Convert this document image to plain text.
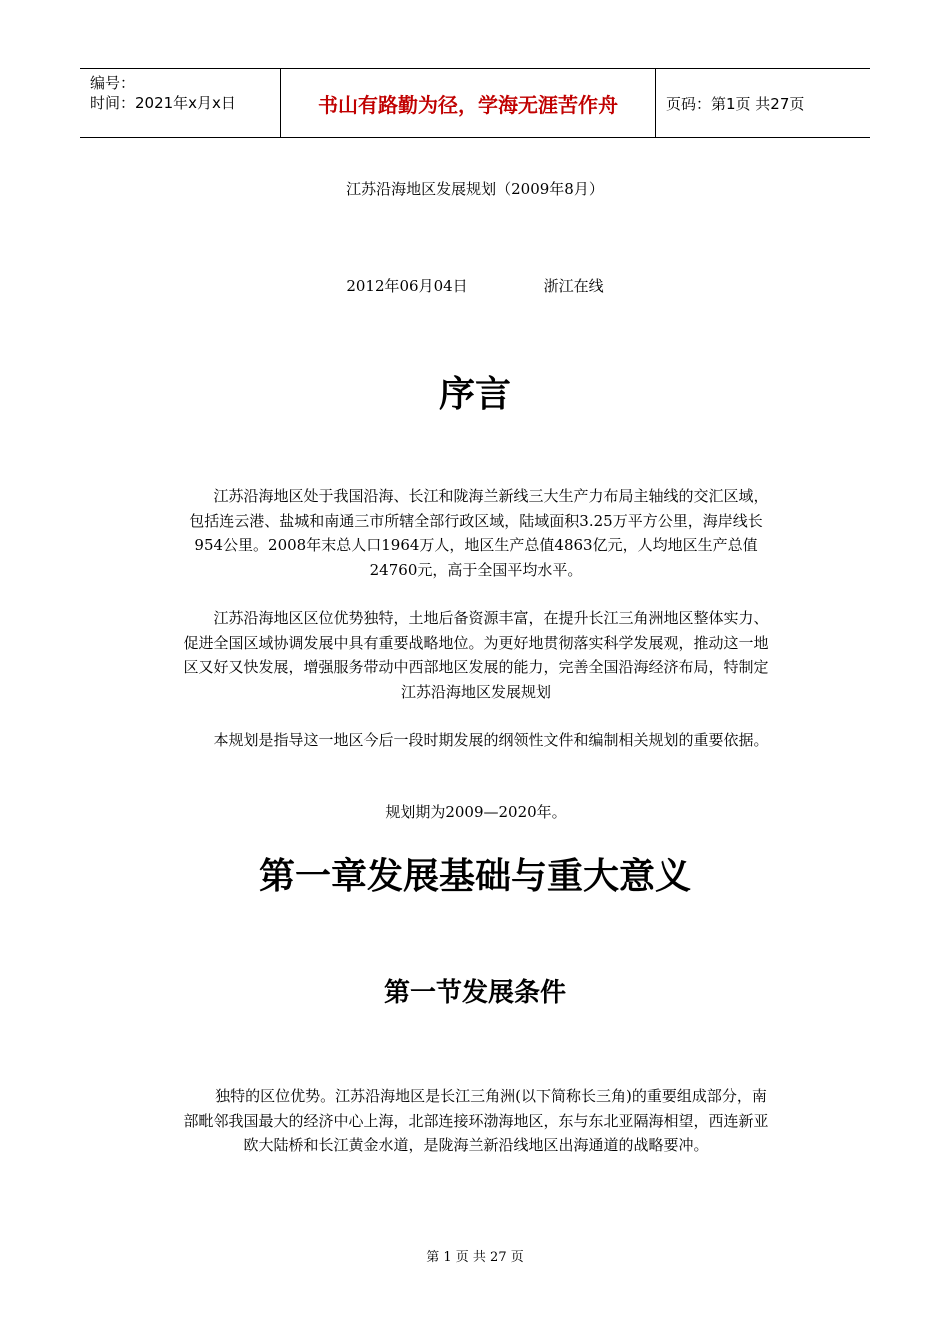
编号：
时间：2021年x月x日	书山有路勤为径，学海无涯苦作舟	页码：第1页 共27页
江苏沿海地区发展规划（2009年8月）
2012年06月04日	浙江在线
序言
江苏沿海地区处于我国沿海、长江和陇海兰新线三大生产力布局主轴线的交汇区域，包括连云港、盐城和南通三市所辖全部行政区域，陆域面积3.25万平方公里，海岸线长954公里。2008年末总人口1964万人，地区生产总值4863亿元，人均地区生产总值24760元，高于全国平均水平。
江苏沿海地区区位优势独特，土地后备资源丰富，在提升长江三角洲地区整体实力、促进全国区域协调发展中具有重要战略地位。为更好地贯彻落实科学发展观，推动这一地区又好又快发展，增强服务带动中西部地区发展的能力，完善全国沿海经济布局，特制定江苏沿海地区发展规划
本规划是指导这一地区今后一段时期发展的纲领性文件和编制相关规划的重要依据。
规划期为2009—2020年。
第一章发展基础与重大意义
第一节发展条件
独特的区位优势。江苏沿海地区是长江三角洲(以下简称长三角)的重要组成部分，南部毗邻我国最大的经济中心上海，北部连接环渤海地区，东与东北亚隔海相望，西连新亚欧大陆桥和长江黄金水道，是陇海兰新沿线地区出海通道的战略要冲。
第 1 页 共 27 页
